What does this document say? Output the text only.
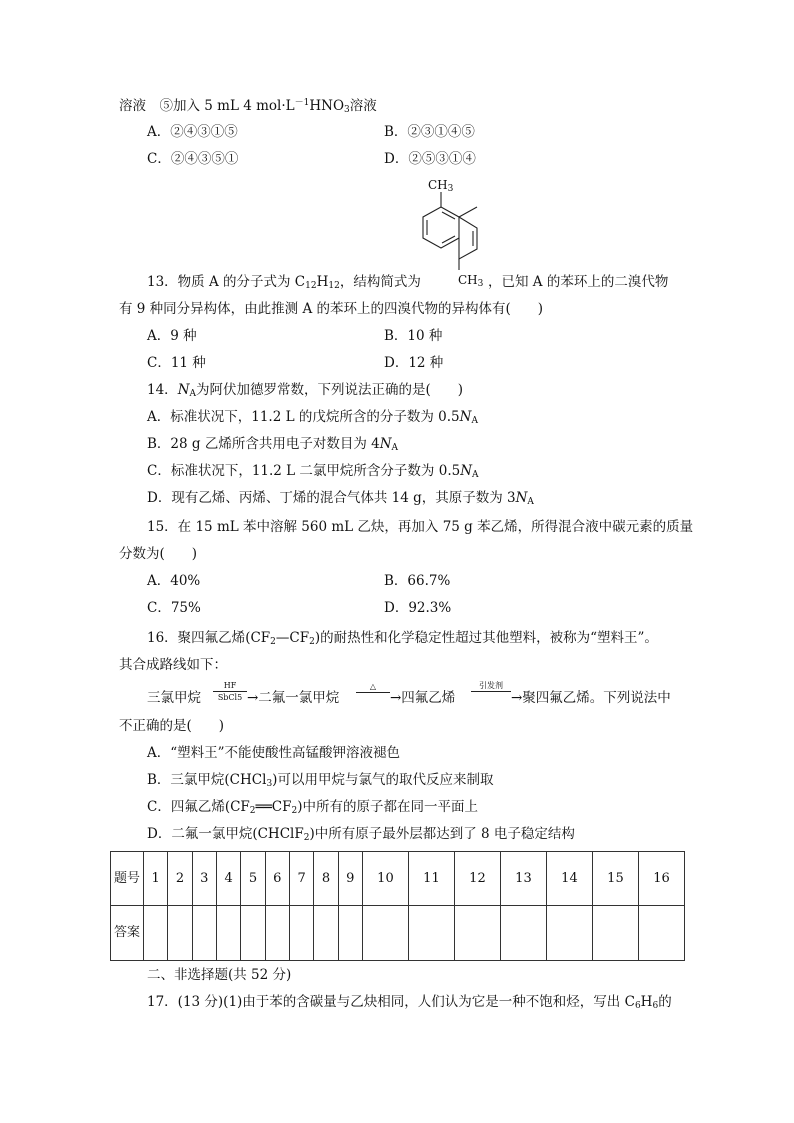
溶液　⑤加入 5 mL 4 $mol\cdot L^{-1}HNO_3$溶液
A．②④③①⑤	B．②③①④⑤
C．②④③⑤①	D．②⑤③①④
$CH_3$
13．物质 A 的分子式为 $C_{12}H_{12}$，结构简式为	$CH_3$ ，已知 A 的苯环上的二溴代物
有 9 种同分异构体，由此推测 A 的苯环上的四溴代物的异构体有(　　)
A．9 种	B．10 种
C．11 种	D．12 种
14．$N_A$为阿伏加德罗常数，下列说法正确的是(　　)
A．标准状况下，11.2 L 的戊烷所含的分子数为 $0.5N_A$
B．28 g 乙烯所含共用电子对数目为 $4N_A$
C．标准状况下，11.2 L 二氯甲烷所含分子数为 $0.5N_A$
D．现有乙烯、丙烯、丁烯的混合气体共 14 g，其原子数为 $3N_A$
15．在 15 mL 苯中溶解 560 mL 乙炔，再加入 75 g 苯乙烯，所得混合液中碳元素的质量
分数为(　　)
A．40%	B．66.7%
C．75%	D．92.3%
16．聚四氟乙烯$(CF_2—CF_2)$的耐热性和化学稳定性超过其他塑料，被称为“塑料王”。
其合成路线如下：
三氯甲烷
HF
SbCl5 →二氟一氯甲烷
△
→四氟乙烯
引发剂
→聚四氟乙烯。下列说法中
不正确的是(　　)
A．“塑料王”不能使酸性高锰酸钾溶液褪色
B．三氯甲烷(CHCl$_3$)可以用甲烷与氯气的取代反应来制取
C．四氟乙烯$(CF_2══CF_2)$中所有的原子都在同一平面上
D．二氟一氯甲烷(CHClF$_2$)中所有原子最外层都达到了 8 电子稳定结构
题号	1	2	3	4	5	6	7	8	9	10	11	12	13	14	15	16
答案																
二、非选择题(共 52 分)
17．(13 分)(1)由于苯的含碳量与乙炔相同，人们认为它是一种不饱和烃，写出 $C_6H_6$的
